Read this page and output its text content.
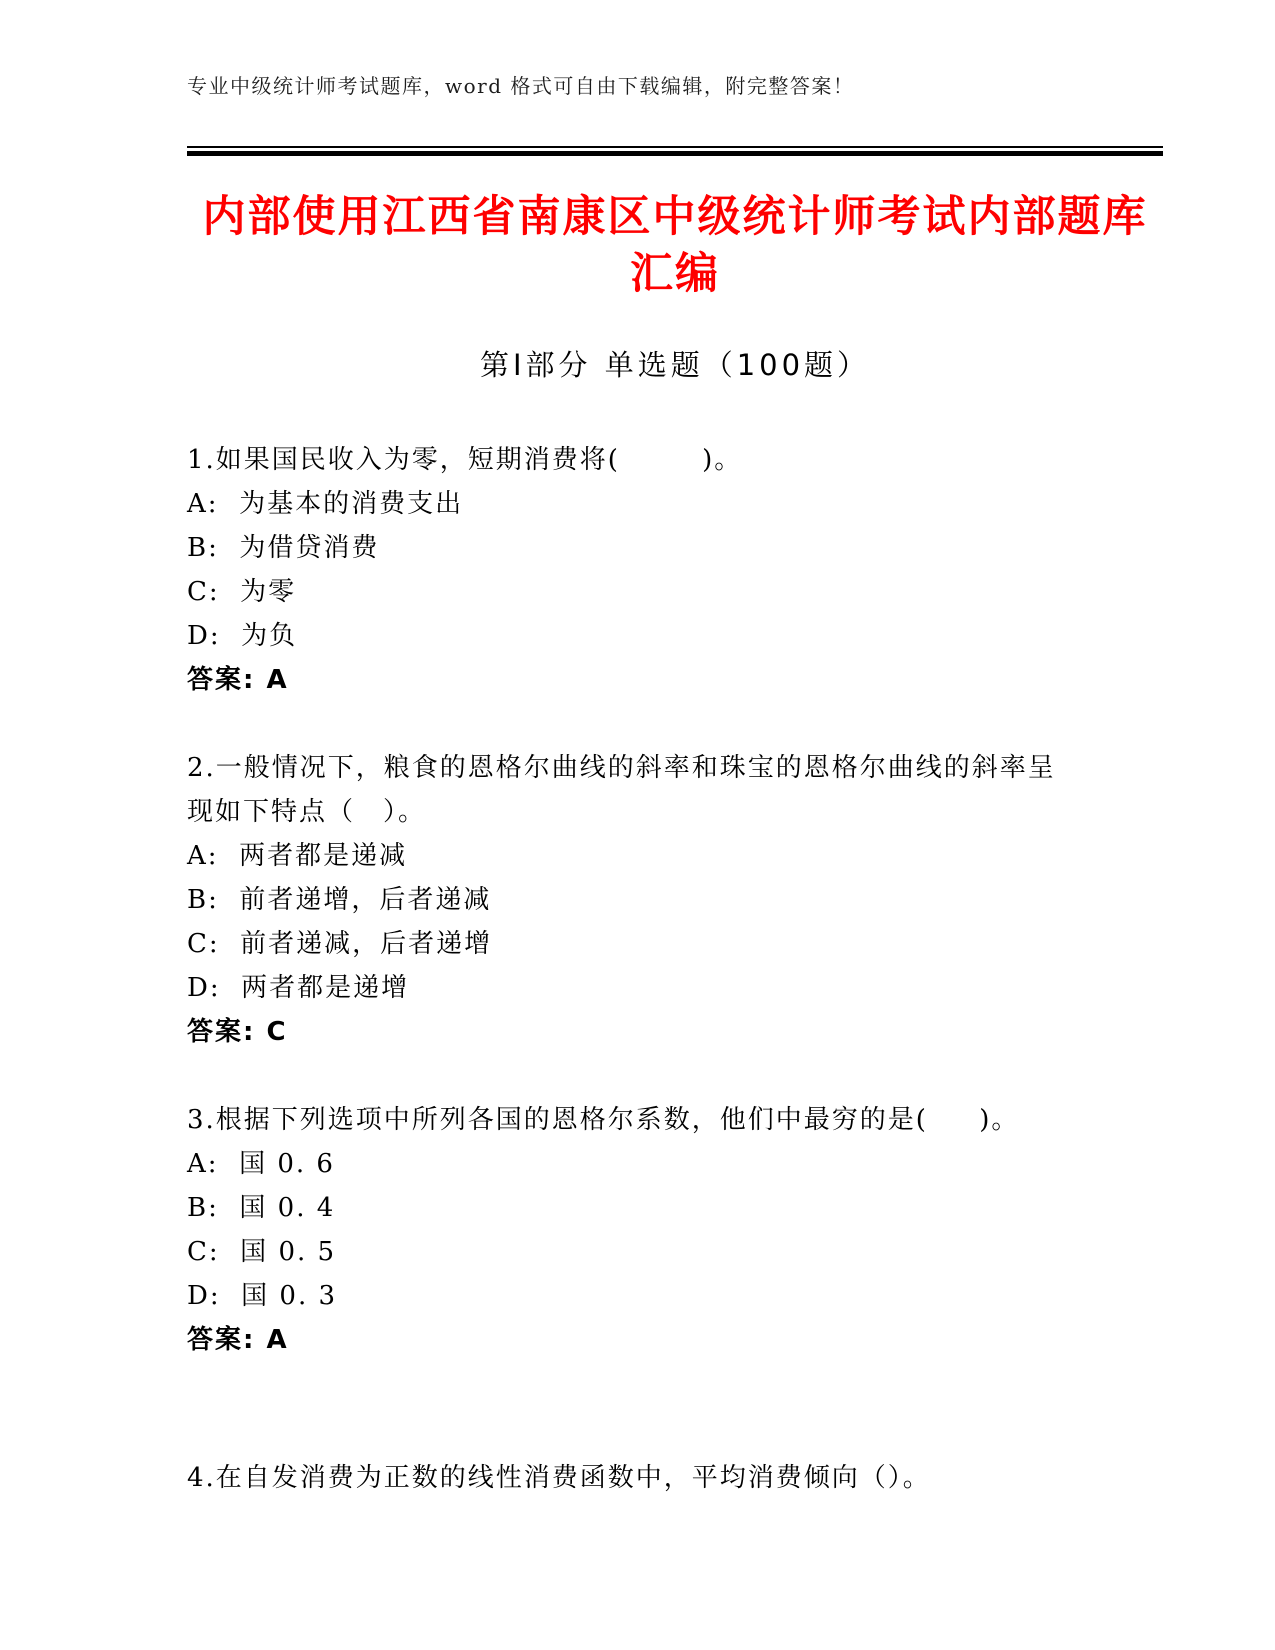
专业中级统计师考试题库，word 格式可自由下载编辑，附完整答案！
内部使用江西省南康区中级统计师考试内部题库汇编
第Ⅰ部分 单选题（100题）

1.如果国民收入为零，短期消费将(        )。

A:  为基本的消费支出

B:  为借贷消费

C:  为零

D:  为负

答案: A

2.一般情况下，粮食的恩格尔曲线的斜率和珠宝的恩格尔曲线的斜率呈现如下特点（　）。

A:  两者都是递减

B:  前者递增，后者递减

C:  前者递减，后者递增

D:  两者都是递增

答案: C

3.根据下列选项中所列各国的恩格尔系数，他们中最穷的是(     )。

A:  国 0. 6

B:  国 0. 4

C:  国 0. 5

D:  国 0. 3

答案: A

4.在自发消费为正数的线性消费函数中，平均消费倾向（）。
